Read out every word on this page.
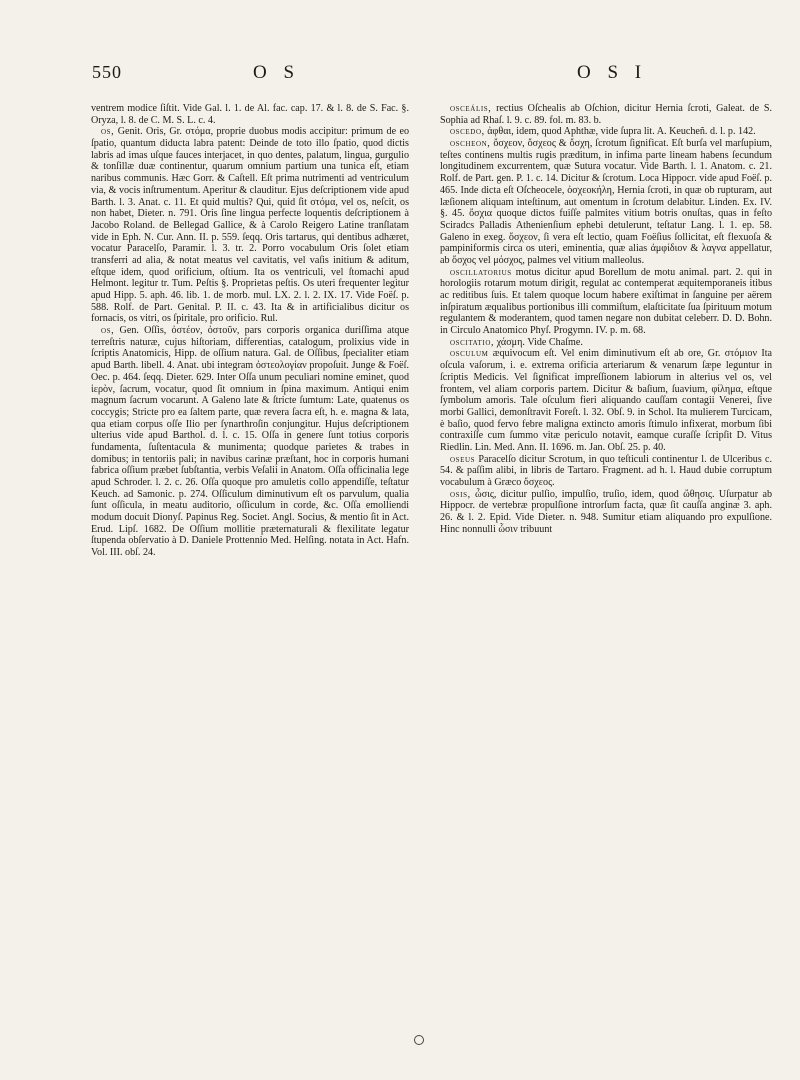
550	O S	O S I

ventrem modice ſiſtit. Vide Gal. l. 1. de Al. fac. cap. 17. & l. 8. de S. Fac. §. Oryza, l. 8. de C. M. S. L. c. 4.

os, Genit. Oris, Gr. στόμα, proprie duobus modis accipitur: primum de eo ſpatio, quantum diducta labra patent: Deinde de toto illo ſpatio, quod dictis labris ad imas uſque fauces interjacet, in quo dentes, palatum, lingua, gurgulio & tonſillæ duæ continentur, quarum omnium partium una tunica eſt, etiam naribus communis. Hæc Gorr. & Caſtell. Eſt prima nutrimenti ad ventriculum via, & vocis inſtrumentum. Aperitur & clauditur. Ejus deſcriptionem vide apud Barth. l. 3. Anat. c. 11. Et quid multis? Qui, quid ſit στόμα, vel os, neſcit, os non habet, Dieter. n. 791. Oris ſine lingua perfecte loquentis deſcriptionem à Jacobo Roland. de Bellegad Gallice, & à Carolo Reigero Latine tranſlatam vide in Eph. N. Cur. Ann. II. p. 559. ſeqq. Oris tartarus, qui dentibus adhæret, vocatur Paracelſo, Paramir. l. 3. tr. 2. Porro vocabulum Oris ſolet etiam transferri ad alia, & notat meatus vel cavitatis, vel vaſis initium & aditum, eſtque idem, quod orificium, oſtium. Ita os ventriculi, vel ſtomachi apud Helmont. legitur tr. Tum. Peſtis §. Proprietas peſtis. Os uteri frequenter legitur apud Hipp. 5. aph. 46. lib. 1. de morb. mul. LX. 2. l. 2. IX. 17. Vide Foëſ. p. 588. Rolf. de Part. Genital. P. II. c. 43. Ita & in artificialibus dicitur os fornacis, os vitri, os ſpiritale, pro orificio. Rul.

os, Gen. Oſſis, ὀστέον, ὀστοῦν, pars corporis organica duriſſima atque terreſtris naturæ, cujus hiſtoriam, differentias, catalogum, prolixius vide in ſcriptis Anatomicis, Hipp. de oſſium natura. Gal. de Oſſibus, ſpecialiter etiam apud Barth. libell. 4. Anat. ubi integram ὀστεολογίαν propoſuit. Junge & Foëſ. Oec. p. 464. ſeqq. Dieter. 629. Inter Oſſa unum peculiari nomine eminet, quod ἱερὸν, ſacrum, vocatur, quod ſit omnium in ſpina maximum. Antiqui enim magnum ſacrum vocarunt. A Galeno late & ſtricte ſumtum: Late, quatenus os coccygis; Stricte pro ea ſaltem parte, quæ revera ſacra eſt, h. e. magna & lata, qua etiam corpus oſſe Ilio per ſynarthroſin conjungitur. Hujus deſcriptionem ulterius vide apud Barthol. d. l. c. 15. Oſſa in genere ſunt totius corporis fundamenta, ſuſtentacula & munimenta; quodque parietes & trabes in domibus; in tentoriis pali; in navibus carinæ præſtant, hoc in corporis humani fabrica oſſium præbet ſubſtantia, verbis Veſalii in Anatom. Oſſa officinalia lege apud Schroder. l. 2. c. 26. Oſſa quoque pro amuletis collo appendiſſe, teſtatur Keuch. ad Samonic. p. 274. Oſſiculum diminutivum eſt os parvulum, qualia ſunt oſſicula, in meatu auditorio, oſſiculum in corde, &c. Oſſa emolliendi modum docuit Dionyſ. Papinus Reg. Societ. Angl. Socius, & mentio ſit in Act. Erud. Lipſ. 1682. De Oſſium mollitie præternaturali & flexilitate legatur ſtupenda obſervatio à D. Daniele Prottennio Med. Helſing. notata in Act. Hafn. Vol. III. obſ. 24.

osceális, rectius Oſchealis ab Oſchion, dicitur Hernia ſcroti, Galeat. de S. Sophia ad Rhaſ. l. 9. c. 89. fol. m. 83. b.

oscedo, ἀφθαι, idem, quod Aphthæ, vide ſupra lit. A. Keucheñ. d. l. p. 142.

oscheon, ὄσχεον, ὄσχεος & ὄσχη, ſcrotum ſignificat. Eſt burſa vel marſupium, teſtes continens multis rugis præditum, in infima parte lineam habens ſecundum longitudinem excurrentem, quæ Sutura vocatur. Vide Barth. l. 1. Anatom. c. 21. Rolf. de Part. gen. P. 1. c. 14. Dicitur & ſcrotum. Loca Hippocr. vide apud Foëſ. p. 465. Inde dicta eſt Oſcheocele, ὀσχεοκήλη, Hernia ſcroti, in quæ ob rupturam, aut læſionem aliquam inteſtinum, aut omentum in ſcrotum delabitur. Linden. Ex. IV. §. 45. ὄσχια quoque dictos fuiſſe palmites vitium botris onuſtas, quas in feſto Sciradcs Palladis Athenienſium ephebi detulerunt, teſtatur Lang. l. 1. ep. 58. Galeno in exeg. ὄσχεον, ſi vera eſt lectio, quam Foëſius ſollicitat, eſt flexuoſa & pampiniformis circa os uteri, eminentia, quæ alias ἀμφίδιον & λαγνα appellatur, ab ὄσχος vel μόσχος, palmes vel vitium malleolus.

oscillatorius motus dicitur apud Borellum de motu animal. part. 2. qui in horologiis rotarum motum dirigit, regulat ac contemperat æquitemporaneis itibus ac reditibus ſuis. Et talem quoque locum habere exiſtimat in ſanguine per aërem inſpiratum æqualibus portionibus illi commiſtum, elaſticitate ſua ſpirituum motum regulantem & moderantem, quod tamen negare non dubitat celeberr. D. D. Bohn. in Circulo Anatomico Phyſ. Progymn. IV. p. m. 68.

oscitatio, χάσμη. Vide Chaſme.

osculum æquivocum eſt. Vel enim diminutivum eſt ab ore, Gr. στόμιον Ita oſcula vaſorum, i. e. extrema orificia arteriarum & venarum ſæpe leguntur in ſcriptis Medicis. Vel ſignificat impreſſionem labiorum in alterius vel os, vel frontem, vel aliam corporis partem. Dicitur & baſium, ſuavium, φίλημα, eſtque ſymbolum amoris. Tale oſculum fieri aliquando cauſſam contagii Venerei, ſive morbi Gallici, demonſtravit Foreſt. l. 32. Obſ. 9. in Schol. Ita mulierem Turcicam, è baſio, quod fervo febre maligna extincto amoris ſtimulo infixerat, morbum ſibi contraxiſſe cum ſummo vitæ periculo notavit, eamque curaſſe ſcripſit D. Vitus Riedlin. Lin. Med. Ann. II. 1696. m. Jan. Obſ. 25. p. 40.

oseus Paracelſo dicitur Scrotum, in quo teſticuli continentur l. de Ulceribus c. 54. & paſſim alibi, in libris de Tartaro. Fragment. ad h. l. Haud dubie corruptum vocabulum à Græco ὄσχεος.

osis, ὦσις, dicitur pulſio, impulſio, truſio, idem, quod ὤθησις. Uſurpatur ab Hippocr. de vertebræ propulſione introrſum facta, quæ ſit cauſſa anginæ 3. aph. 26. & l. 2. Epid. Vide Dieter. n. 948. Sumitur etiam aliquando pro expulſione. Hinc nonnulli ὦσιν tribuunt
